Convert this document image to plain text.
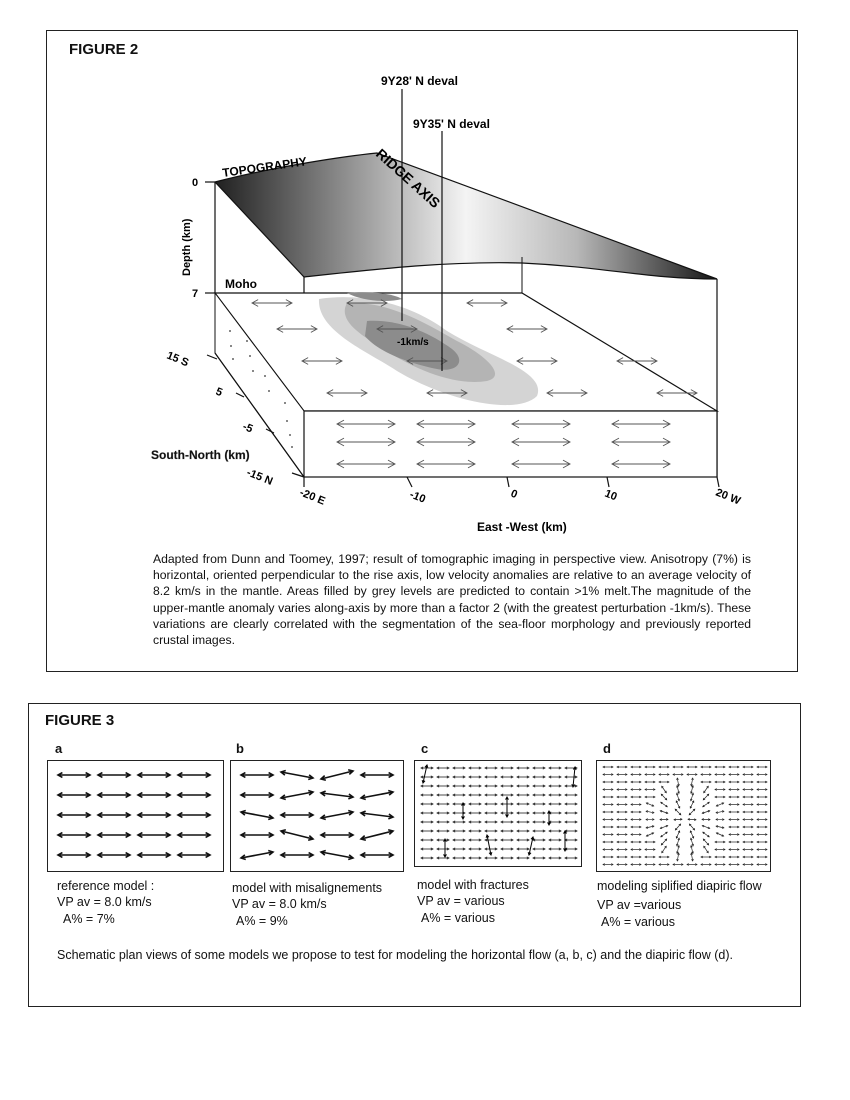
FIGURE 2
9Υ28' N deval
9Υ35' N deval
TOPOGRAPHY	RIDGE AXIS
0
7
Depth (km)
Moho
-1km/s
15 S
5
-5
South-North (km)
-15 N
-20 E	-10	0	10	20 W
East -West (km)
Adapted from Dunn and Toomey, 1997; result of tomographic imaging in perspective view. Anisotropy (7%) is horizontal, oriented perpendicular to the rise axis, low velocity anomalies are relative to an average velocity of 8.2 km/s in the mantle. Areas filled by grey levels are predicted to contain >1% melt.The magnitude of the upper-mantle anomaly varies along-axis by more than a factor 2 (with the greatest perturbation -1km/s). These variations are clearly correlated with the segmentation of the sea-floor morphology and previously reported crustal images.
FIGURE 3
a
reference model :
VP av = 8.0 km/s
A% = 7%
b
model with misalignements
VP av = 8.0 km/s
A% = 9%
c
model with fractures
VP av = various
A% = various
d
modeling siplified diapiric flow
VP av =various
A% = various
Schematic plan views of some models we propose to test for modeling the horizontal flow (a, b, c) and the diapiric flow (d).
